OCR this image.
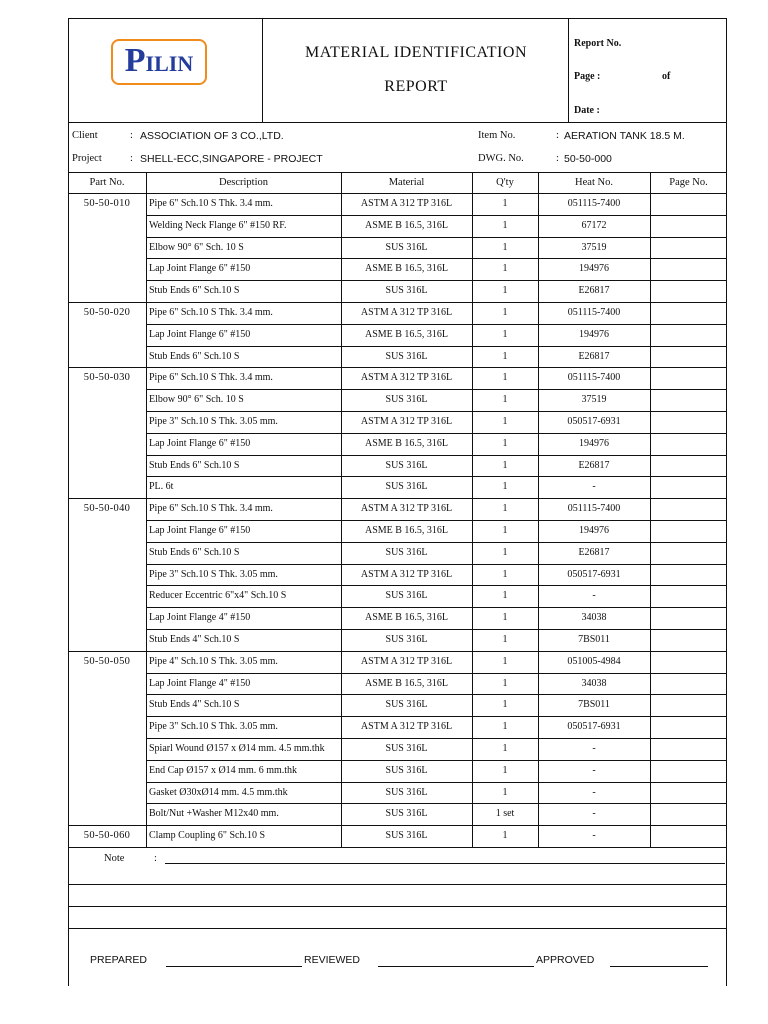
PILIN	MATERIAL IDENTIFICATION
REPORT
Report No.
Page :	of
Date :
Client	: ASSOCIATION OF 3 CO.,LTD.	Item No.	: AERATION TANK 18.5 M.
Project	: SHELL-ECC,SINGAPORE - PROJECT	DWG. No.	: 50-50-000
Part No.	Description	Material	Q'ty	Heat No.	Page No.
50-50-010	Pipe 6" Sch.10 S Thk. 3.4 mm.	ASTM A 312 TP 316L	1	051115-7400
Welding Neck Flange 6" #150 RF.	ASME B 16.5, 316L	1	67172
Elbow 90° 6" Sch. 10 S	SUS 316L	1	37519
Lap Joint Flange 6" #150	ASME B 16.5, 316L	1	194976
Stub Ends 6" Sch.10 S	SUS 316L	1	E26817
50-50-020	Pipe 6" Sch.10 S Thk. 3.4 mm.	ASTM A 312 TP 316L	1	051115-7400
Lap Joint Flange 6" #150	ASME B 16.5, 316L	1	194976
Stub Ends 6" Sch.10 S	SUS 316L	1	E26817
50-50-030	Pipe 6" Sch.10 S Thk. 3.4 mm.	ASTM A 312 TP 316L	1	051115-7400
Elbow 90° 6" Sch. 10 S	SUS 316L	1	37519
Pipe 3" Sch.10 S Thk. 3.05 mm.	ASTM A 312 TP 316L	1	050517-6931
Lap Joint Flange 6" #150	ASME B 16.5, 316L	1	194976
Stub Ends 6" Sch.10 S	SUS 316L	1	E26817
PL. 6t	SUS 316L	1	-
50-50-040	Pipe 6" Sch.10 S Thk. 3.4 mm.	ASTM A 312 TP 316L	1	051115-7400
Lap Joint Flange 6" #150	ASME B 16.5, 316L	1	194976
Stub Ends 6" Sch.10 S	SUS 316L	1	E26817
Pipe 3" Sch.10 S Thk. 3.05 mm.	ASTM A 312 TP 316L	1	050517-6931
Reducer Eccentric 6"x4" Sch.10 S	SUS 316L	1	-
Lap Joint Flange 4" #150	ASME B 16.5, 316L	1	34038
Stub Ends 4" Sch.10 S	SUS 316L	1	7BS011
50-50-050	Pipe 4" Sch.10 S Thk. 3.05 mm.	ASTM A 312 TP 316L	1	051005-4984
Lap Joint Flange 4" #150	ASME B 16.5, 316L	1	34038
Stub Ends 4" Sch.10 S	SUS 316L	1	7BS011
Pipe 3" Sch.10 S Thk. 3.05 mm.	ASTM A 312 TP 316L	1	050517-6931
Spiarl Wound Ø157 x Ø14 mm. 4.5 mm.thk	SUS 316L	1	-
End Cap Ø157 x Ø14 mm. 6 mm.thk	SUS 316L	1	-
Gasket Ø30xØ14 mm. 4.5 mm.thk	SUS 316L	1	-
Bolt/Nut +Washer M12x40 mm.	SUS 316L	1 set	-
50-50-060	Clamp Coupling 6" Sch.10 S	SUS 316L	1	-
Note	:
PREPARED	REVIEWED	APPROVED
